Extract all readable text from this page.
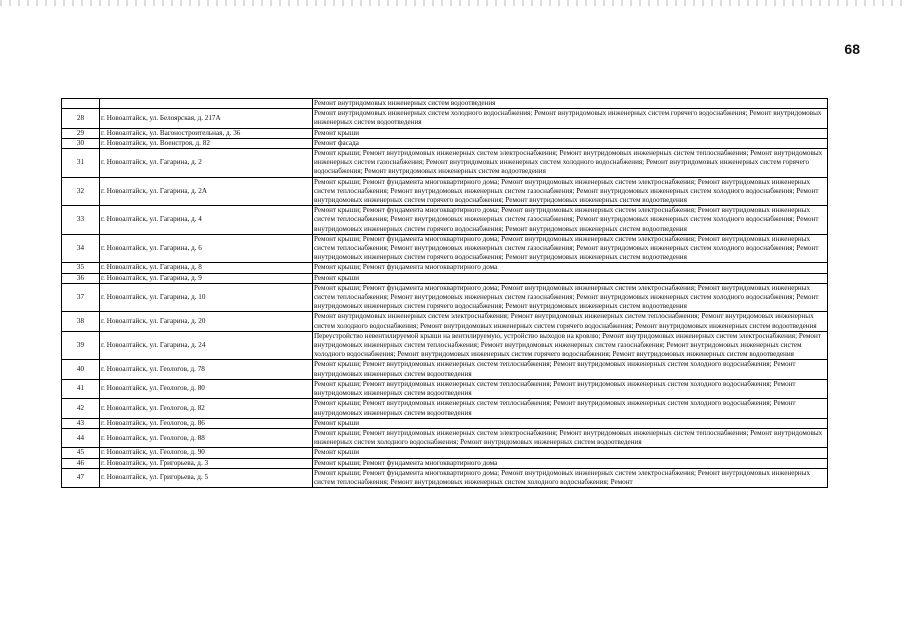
68
		Ремонт внутридомовых инженерных систем водоотведения
28	г. Новоалтайск, ул. Белоярская, д. 217А	Ремонт внутридомовых инженерных систем холодного водоснабжения; Ремонт внутридомовых инженерных систем горячего водоснабжения; Ремонт внутридомовых инженерных систем водоотведения
29	г. Новоалтайск, ул. Вагоностроительная, д. 36	Ремонт крыши
30	г. Новоалтайск, ул. Военстроя, д. 82	Ремонт фасада
31	г. Новоалтайск, ул. Гагарина, д. 2	Ремонт крыши; Ремонт внутридомовых инженерных систем электроснабжения; Ремонт внутридомовых инженерных систем теплоснабжения; Ремонт внутридомовых инженерных систем газоснабжения; Ремонт внутридомовых инженерных систем холодного водоснабжения; Ремонт внутридомовых инженерных систем горячего водоснабжения; Ремонт внутридомовых инженерных систем водоотведения
32	г. Новоалтайск, ул. Гагарина, д. 2А	Ремонт крыши; Ремонт фундамента многоквартирного дома; Ремонт внутридомовых инженерных систем электроснабжения; Ремонт внутридомовых инженерных систем теплоснабжения; Ремонт внутридомовых инженерных систем газоснабжения; Ремонт внутридомовых инженерных систем холодного водоснабжения; Ремонт внутридомовых инженерных систем горячего водоснабжения; Ремонт внутридомовых инженерных систем водоотведения
33	г. Новоалтайск, ул. Гагарина, д. 4	Ремонт крыши; Ремонт фундамента многоквартирного дома; Ремонт внутридомовых инженерных систем электроснабжения; Ремонт внутридомовых инженерных систем теплоснабжения; Ремонт внутридомовых инженерных систем газоснабжения; Ремонт внутридомовых инженерных систем холодного водоснабжения; Ремонт внутридомовых инженерных систем горячего водоснабжения; Ремонт внутридомовых инженерных систем водоотведения
34	г. Новоалтайск, ул. Гагарина, д. 6	Ремонт крыши; Ремонт фундамента многоквартирного дома; Ремонт внутридомовых инженерных систем электроснабжения; Ремонт внутридомовых инженерных систем теплоснабжения; Ремонт внутридомовых инженерных систем газоснабжения; Ремонт внутридомовых инженерных систем холодного водоснабжения; Ремонт внутридомовых инженерных систем горячего водоснабжения; Ремонт внутридомовых инженерных систем водоотведения
35	г. Новоалтайск, ул. Гагарина, д. 8	Ремонт крыши; Ремонт фундамента многоквартирного дома
36	г. Новоалтайск, ул. Гагарина, д. 9	Ремонт крыши
37	г. Новоалтайск, ул. Гагарина, д. 10	Ремонт крыши; Ремонт фундамента многоквартирного дома; Ремонт внутридомовых инженерных систем электроснабжения; Ремонт внутридомовых инженерных систем теплоснабжения; Ремонт внутридомовых инженерных систем газоснабжения; Ремонт внутридомовых инженерных систем холодного водоснабжения; Ремонт внутридомовых инженерных систем горячего водоснабжения; Ремонт внутридомовых инженерных систем водоотведения
38	г. Новоалтайск, ул. Гагарина, д. 20	Ремонт внутридомовых инженерных систем электроснабжения; Ремонт внутридомовых инженерных систем теплоснабжения; Ремонт внутридомовых инженерных систем холодного водоснабжения; Ремонт внутридомовых инженерных систем горячего водоснабжения; Ремонт внутридомовых инженерных систем водоотведения
39	г. Новоалтайск, ул. Гагарина, д. 24	Переустройство невентилируемой крыши на вентилируемую, устройство выходов на кровлю; Ремонт внутридомовых инженерных систем электроснабжения; Ремонт внутридомовых инженерных систем теплоснабжения; Ремонт внутридомовых инженерных систем газоснабжения; Ремонт внутридомовых инженерных систем холодного водоснабжения; Ремонт внутридомовых инженерных систем горячего водоснабжения; Ремонт внутридомовых инженерных систем водоотведения
40	г. Новоалтайск, ул. Геологов, д. 78	Ремонт крыши; Ремонт внутридомовых инженерных систем теплоснабжения; Ремонт внутридомовых инженерных систем холодного водоснабжения; Ремонт внутридомовых инженерных систем водоотведения
41	г. Новоалтайск, ул. Геологов, д. 80	Ремонт крыши; Ремонт внутридомовых инженерных систем теплоснабжения; Ремонт внутридомовых инженерных систем холодного водоснабжения; Ремонт внутридомовых инженерных систем водоотведения
42	г. Новоалтайск, ул. Геологов, д. 82	Ремонт крыши; Ремонт внутридомовых инженерных систем теплоснабжения; Ремонт внутридомовых инженерных систем холодного водоснабжения; Ремонт внутридомовых инженерных систем водоотведения
43	г. Новоалтайск, ул. Геологов, д. 86	Ремонт крыши
44	г. Новоалтайск, ул. Геологов, д. 88	Ремонт крыши; Ремонт внутридомовых инженерных систем электроснабжения; Ремонт внутридомовых инженерных систем теплоснабжения; Ремонт внутридомовых инженерных систем холодного водоснабжения; Ремонт внутридомовых инженерных систем водоотведения
45	г. Новоалтайск, ул. Геологов, д. 90	Ремонт крыши
46	г. Новоалтайск, ул. Григорьева, д. 3	Ремонт крыши; Ремонт фундамента многоквартирного дома
47	г. Новоалтайск, ул. Григорьева, д. 5	Ремонт крыши; Ремонт фундамента многоквартирного дома; Ремонт внутридомовых инженерных систем электроснабжения; Ремонт внутридомовых инженерных систем теплоснабжения; Ремонт внутридомовых инженерных систем холодного водоснабжения; Ремонт
